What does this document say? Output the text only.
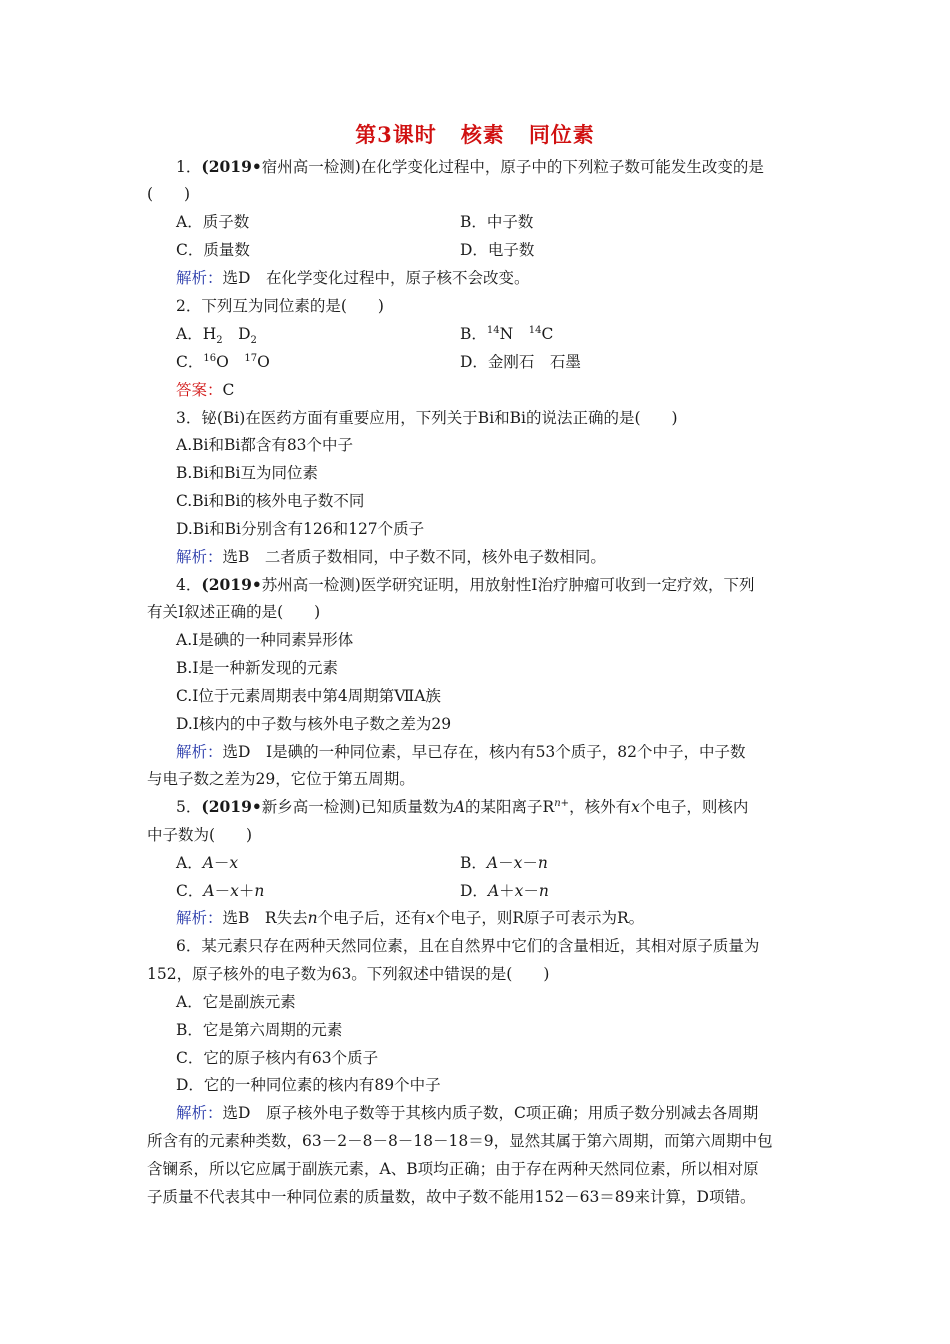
第3课时 核素 同位素
1．(2019•宿州高一检测)在化学变化过程中，原子中的下列粒子数可能发生改变的是
(　　)
A．质子数	B．中子数
C．质量数	D．电子数
解析：选D　在化学变化过程中，原子核不会改变。
2．下列互为同位素的是(　　)
A．$H_2$　$D_2$	B．$^{14}$N　$^{14}$C
C．$^{16}$O　$^{17}$O	D．金刚石　石墨
答案：C
3．铋(Bi)在医药方面有重要应用，下列关于Bi和Bi的说法正确的是(　　)
A.Bi和Bi都含有83个中子
B.Bi和Bi互为同位素
C.Bi和Bi的核外电子数不同
D.Bi和Bi分别含有126和127个质子
解析：选B　二者质子数相同，中子数不同，核外电子数相同。
4．(2019•苏州高一检测)医学研究证明，用放射性I治疗肿瘤可收到一定疗效，下列
有关I叙述正确的是(　　)
A.I是碘的一种同素异形体
B.I是一种新发现的元素
C.I位于元素周期表中第4周期第ⅦA族
D.I核内的中子数与核外电子数之差为29
解析：选D　I是碘的一种同位素，早已存在，核内有53个质子，82个中子，中子数
与电子数之差为29，它位于第五周期。
5．(2019•新乡高一检测)已知质量数为A的某阳离子$R^{n+}$，核外有x个电子，则核内
中子数为(　　)
A．A－x	B．A－x－n
C．A－x＋n	D．A＋x－n
解析：选B　R失去n个电子后，还有x个电子，则R原子可表示为R。
6．某元素只存在两种天然同位素，且在自然界中它们的含量相近，其相对原子质量为
152，原子核外的电子数为63。下列叙述中错误的是(　　)
A．它是副族元素
B．它是第六周期的元素
C．它的原子核内有63个质子
D．它的一种同位素的核内有89个中子
解析：选D　原子核外电子数等于其核内质子数，C项正确；用质子数分别减去各周期
所含有的元素种类数，63－2－8－8－18－18＝9，显然其属于第六周期，而第六周期中包
含镧系，所以它应属于副族元素，A、B项均正确；由于存在两种天然同位素，所以相对原
子质量不代表其中一种同位素的质量数，故中子数不能用152－63＝89来计算，D项错。
